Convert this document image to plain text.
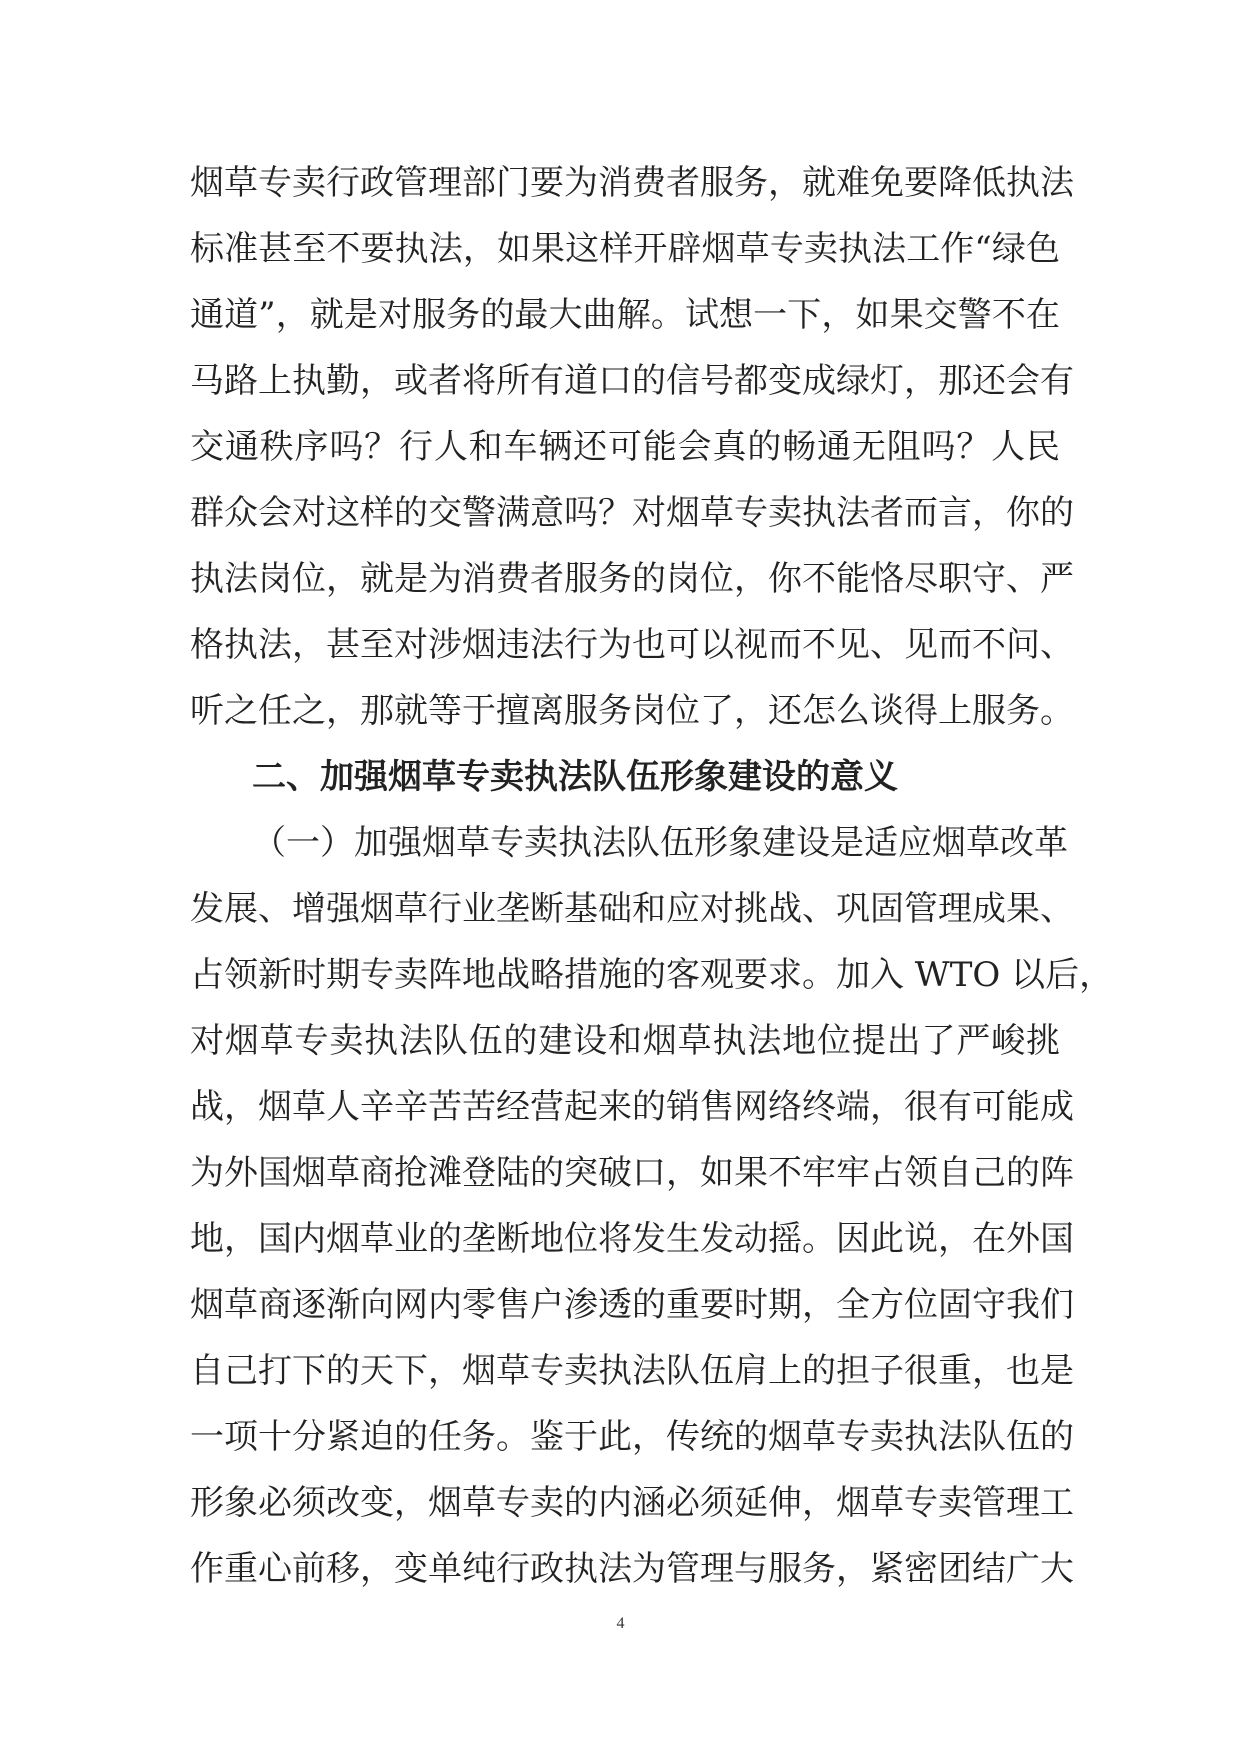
烟草专卖行政管理部门要为消费者服务，就难免要降低执法
标准甚至不要执法，如果这样开辟烟草专卖执法工作“绿色
通道”，就是对服务的最大曲解。试想一下，如果交警不在
马路上执勤，或者将所有道口的信号都变成绿灯，那还会有
交通秩序吗？行人和车辆还可能会真的畅通无阻吗？人民
群众会对这样的交警满意吗？对烟草专卖执法者而言，你的
执法岗位，就是为消费者服务的岗位，你不能恪尽职守、严
格执法，甚至对涉烟违法行为也可以视而不见、见而不问、
听之任之，那就等于擅离服务岗位了，还怎么谈得上服务。
二、加强烟草专卖执法队伍形象建设的意义
（一）加强烟草专卖执法队伍形象建设是适应烟草改革
发展、增强烟草行业垄断基础和应对挑战、巩固管理成果、
占领新时期专卖阵地战略措施的客观要求。加入 WTO 以后，
对烟草专卖执法队伍的建设和烟草执法地位提出了严峻挑
战，烟草人辛辛苦苦经营起来的销售网络终端，很有可能成
为外国烟草商抢滩登陆的突破口，如果不牢牢占领自己的阵
地，国内烟草业的垄断地位将发生发动摇。因此说，在外国
烟草商逐渐向网内零售户渗透的重要时期，全方位固守我们
自己打下的天下，烟草专卖执法队伍肩上的担子很重，也是
一项十分紧迫的任务。鉴于此，传统的烟草专卖执法队伍的
形象必须改变，烟草专卖的内涵必须延伸，烟草专卖管理工
作重心前移，变单纯行政执法为管理与服务，紧密团结广大
4
